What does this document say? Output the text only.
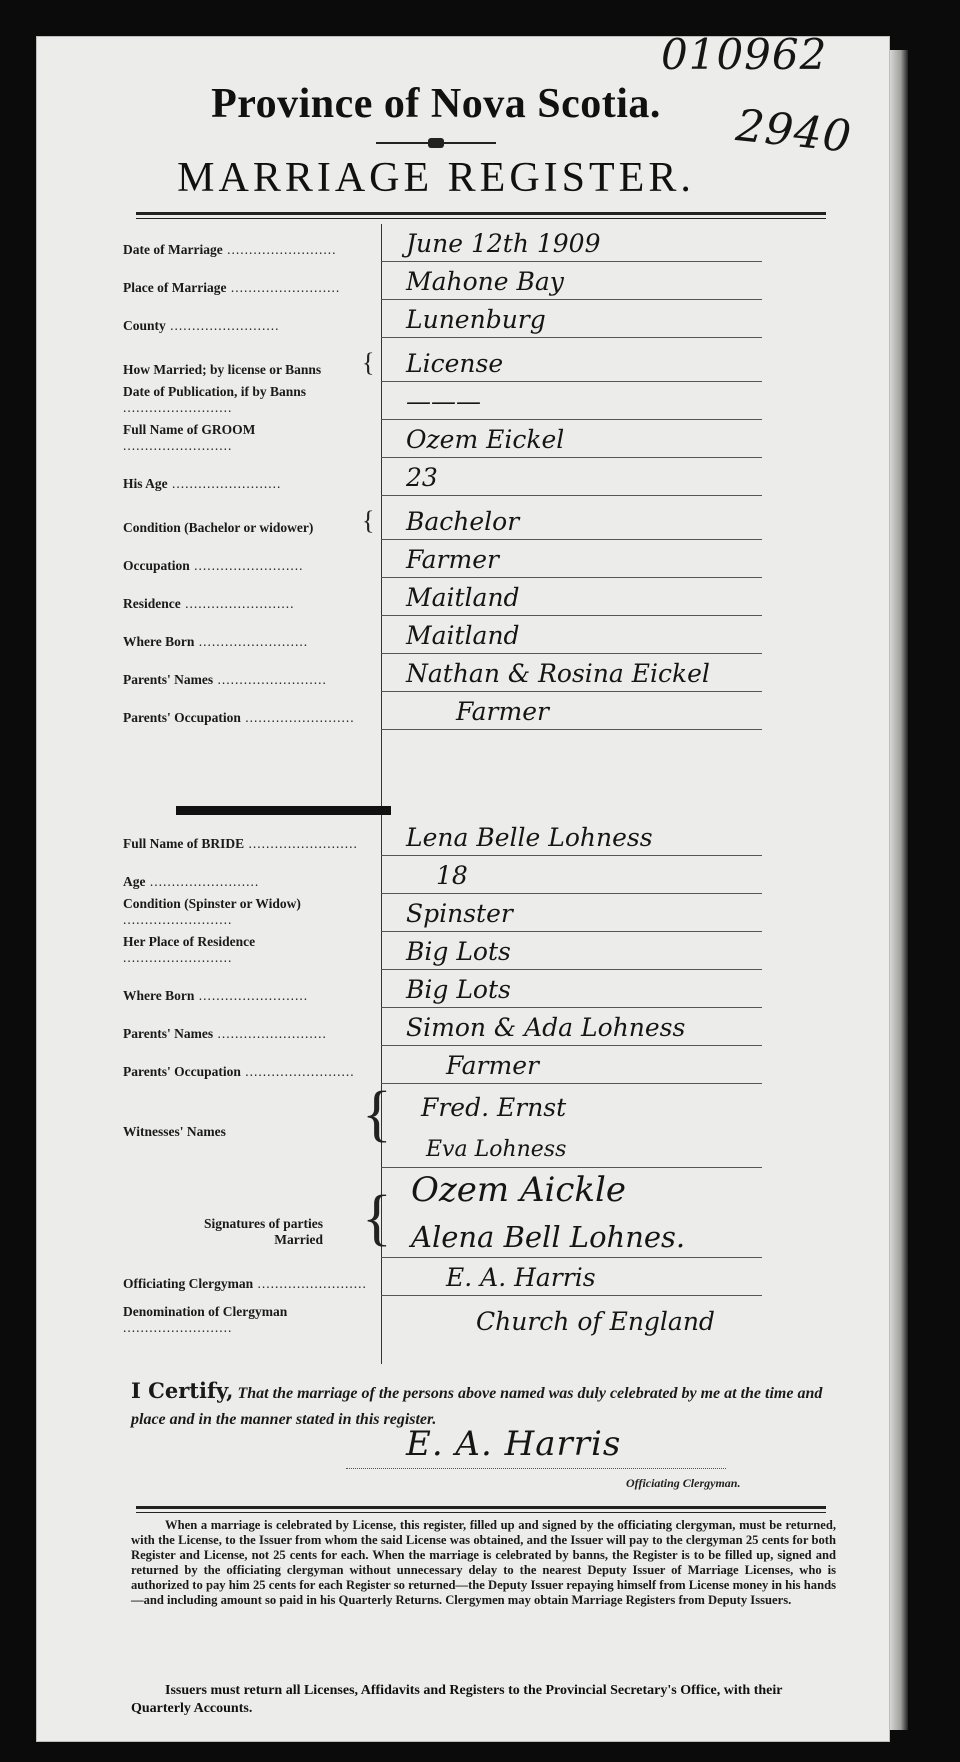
010962
2940
Province of Nova Scotia.
MARRIAGE REGISTER.
Date of Marriage .....	June 12th 1909
Place of Marriage .....	Mahone Bay
County .....	Lunenburg
How Married; by license or Banns	{ License
Date of Publication, if by Banns .....	———
Full Name of GROOM .....	Ozem Eickel
His Age .....	23
Condition (Bachelor or widower)	{ Bachelor
Occupation .....	Farmer
Residence .....	Maitland
Where Born .....	Maitland
Parents' Names .....	Nathan & Rosina Eickel
Parents' Occupation .....	Farmer
Full Name of BRIDE .....	Lena Belle Lohness
Age .....	18
Condition (Spinster or Widow) .....	Spinster
Her Place of Residence .....	Big Lots
Where Born .....	Big Lots
Parents' Names .....	Simon & Ada Lohness
Parents' Occupation .....	Farmer
Witnesses' Names	{ Fred. Ernst
Eva Lohness
Signatures of parties
Married { Ozem Aickle
Alena Bell Lohnes.
Officiating Clergyman .....	E. A. Harris
Denomination of Clergyman .....	Church of England
I Certify, That the marriage of the persons above named was duly celebrated by me at the time and place and in the manner stated in this register.
E. A. Harris
Officiating Clergyman.
When a marriage is celebrated by License, this register, filled up and signed by the officiating clergyman, must be returned, with the License, to the Issuer from whom the said License was obtained, and the Issuer will pay to the clergyman 25 cents for both Register and License, not 25 cents for each. When the marriage is celebrated by banns, the Register is to be filled up, signed and returned by the officiating clergyman without unnecessary delay to the nearest Deputy Issuer of Marriage Licenses, who is authorized to pay him 25 cents for each Register so returned—the Deputy Issuer repaying himself from License money in his hands—and including amount so paid in his Quarterly Returns. Clergymen may obtain Marriage Registers from Deputy Issuers.
Issuers must return all Licenses, Affidavits and Registers to the Provincial Secretary's Office, with their Quarterly Accounts.
